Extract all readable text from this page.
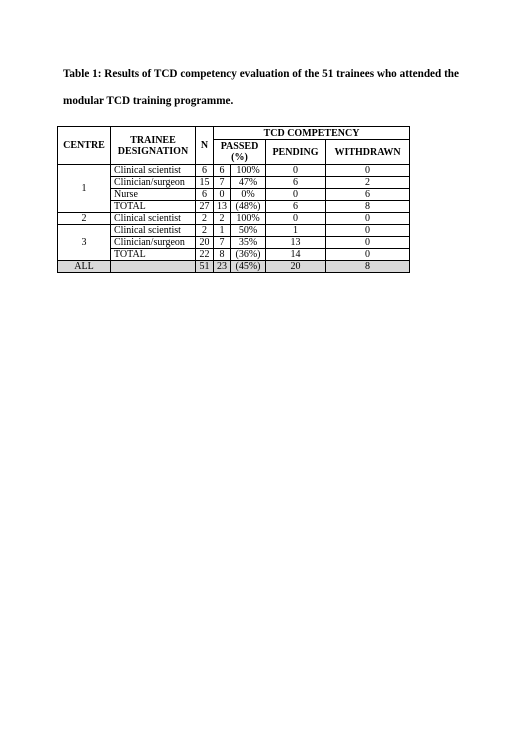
Table 1: Results of TCD competency evaluation of the 51 trainees who attended the modular TCD training programme.
CENTRE	TRAINEE DESIGNATION	N	TCD COMPETENCY			
			PASSED (%)		PENDING	WITHDRAWN
1	Clinical scientist	6	6	100%	0	0
	Clinician/surgeon	15	7	47%	6	2
	Nurse	6	0	0%	0	6
	TOTAL	27	13	(48%)	6	8
2	Clinical scientist	2	2	100%	0	0
3	Clinical scientist	2	1	50%	1	0
	Clinician/surgeon	20	7	35%	13	0
	TOTAL	22	8	(36%)	14	0
ALL		51	23	(45%)	20	8
